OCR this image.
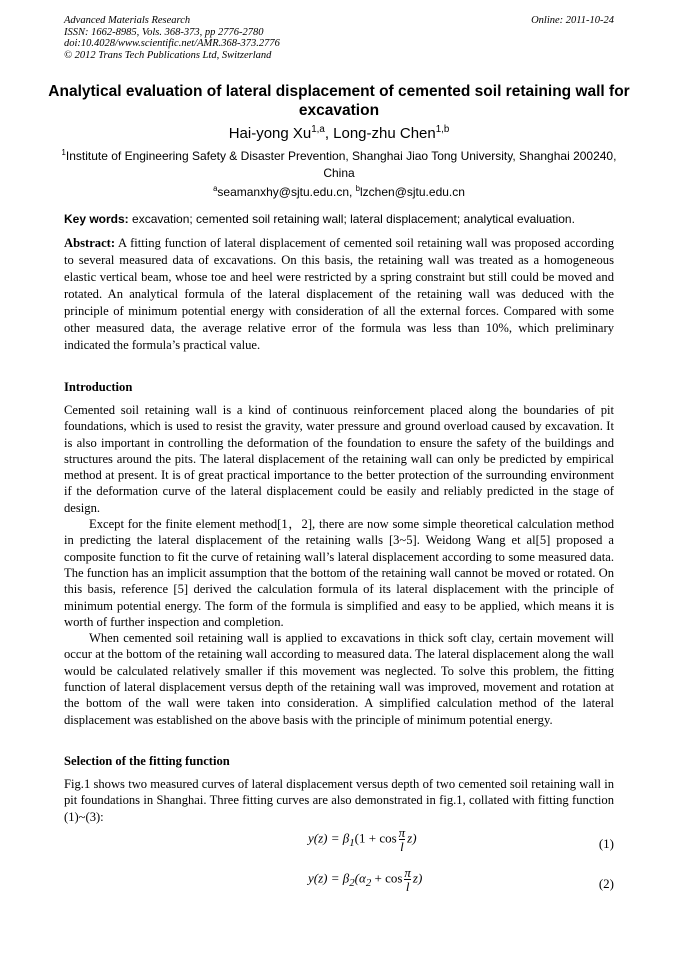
Advanced Materials Research
ISSN: 1662-8985, Vols. 368-373, pp 2776-2780
doi:10.4028/www.scientific.net/AMR.368-373.2776
© 2012 Trans Tech Publications Ltd, Switzerland
Online: 2011-10-24
Analytical evaluation of lateral displacement of cemented soil retaining wall for excavation
Hai-yong Xu$^{1,a}$, Long-zhu Chen$^{1,b}$
$^1$Institute of Engineering Safety & Disaster Prevention, Shanghai Jiao Tong University, Shanghai 200240, China
$^a$seamanxhy@sjtu.edu.cn, $^b$lzchen@sjtu.edu.cn
Key words: excavation; cemented soil retaining wall; lateral displacement; analytical evaluation.
Abstract: A fitting function of lateral displacement of cemented soil retaining wall was proposed according to several measured data of excavations. On this basis, the retaining wall was treated as a homogeneous elastic vertical beam, whose toe and heel were restricted by a spring constraint but still could be moved and rotated. An analytical formula of the lateral displacement of the retaining wall was deduced with the principle of minimum potential energy with consideration of all the external forces. Compared with some other measured data, the average relative error of the formula was less than 10%, which preliminary indicated the formula’s practical value.
Introduction

Cemented soil retaining wall is a kind of continuous reinforcement placed along the boundaries of pit foundations, which is used to resist the gravity, water pressure and ground overload caused by excavation. It is also important in controlling the deformation of the foundation to ensure the safety of the buildings and structures around the pits. The lateral displacement of the retaining wall can only be predicted by empirical method at present. It is of great practical importance to the better protection of the surrounding environment if the deformation curve of the lateral displacement could be easily and reliably predicted in the stage of design.

Except for the finite element method[1，2], there are now some simple theoretical calculation method in predicting the lateral displacement of the retaining walls [3~5]. Weidong Wang et al[5] proposed a composite function to fit the curve of retaining wall’s lateral displacement according to some measured data. The function has an implicit assumption that the bottom of the retaining wall cannot be moved or rotated. On this basis, reference [5] derived the calculation formula of its lateral displacement with the principle of minimum potential energy. The form of the formula is simplified and easy to be applied, which means it is worth of further inspection and completion.

When cemented soil retaining wall is applied to excavations in thick soft clay, certain movement will occur at the bottom of the retaining wall according to measured data. The lateral displacement along the wall would be calculated relatively smaller if this movement was neglected. To solve this problem, the fitting function of lateral displacement versus depth of the retaining wall was improved, movement and rotation at the bottom of the wall were taken into consideration. A simplified calculation method of the lateral displacement was established on the above basis with the principle of minimum potential energy.

Selection of the fitting function
Fig.1 shows two measured curves of lateral displacement versus depth of two cemented soil retaining wall in pit foundations in Shanghai. Three fitting curves are also demonstrated in fig.1, collated with fitting function (1)~(3):
$y(z) = \beta_1(1 + \cos \frac{\pi}{l} z)$	(1)
$y(z) = \beta_2(\alpha_2 + \cos \frac{\pi}{l} z)$	(2)
